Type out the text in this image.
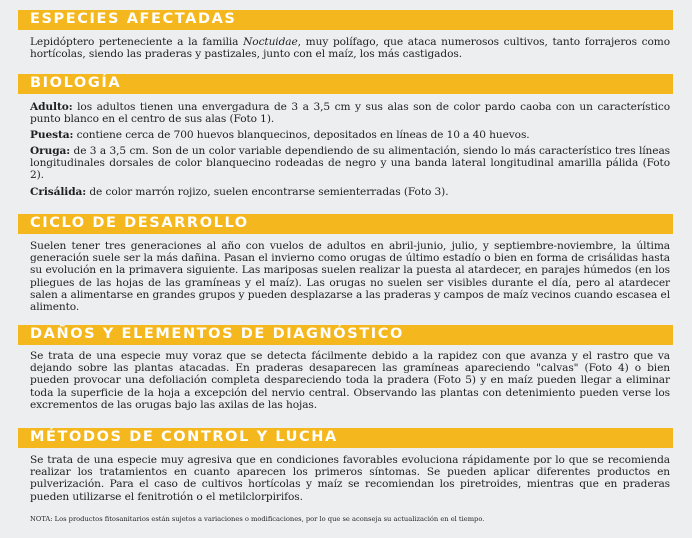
ESPECIES AFECTADAS

Lepidóptero perteneciente a la familia Noctuidae, muy polífago, que ataca numerosos cultivos, tanto forrajeros como hortícolas, siendo las praderas y pastizales, junto con el maíz, los más castigados.

BIOLOGÍA

Adulto: los adultos tienen una envergadura de 3 a 3,5 cm y sus alas son de color pardo caoba con un característico punto blanco en el centro de sus alas (Foto 1).

Puesta: contiene cerca de 700 huevos blanquecinos, depositados en líneas de 10 a 40 huevos.

Oruga: de 3 a 3,5 cm. Son de un color variable dependiendo de su alimentación, siendo lo más característico tres líneas longitudinales dorsales de color blanquecino rodeadas de negro y una banda lateral longitudinal amarilla pálida (Foto 2).

Crisálida: de color marrón rojizo, suelen encontrarse semienterradas (Foto 3).

CICLO DE DESARROLLO

Suelen tener tres generaciones al año con vuelos de adultos en abril-junio, julio, y septiembre-noviembre, la última generación suele ser la más dañina. Pasan el invierno como orugas de último estadío o bien en forma de crisálidas hasta su evolución en la primavera siguiente. Las mariposas suelen realizar la puesta al atardecer, en parajes húmedos (en los pliegues de las hojas de las gramíneas y el maíz). Las orugas no suelen ser visibles durante el día, pero al atardecer salen a alimentarse en grandes grupos y pueden desplazarse a las praderas y campos de maíz vecinos cuando escasea el alimento.

DAÑOS Y ELEMENTOS DE DIAGNÓSTICO

Se trata de una especie muy voraz que se detecta fácilmente debido a la rapidez con que avanza y el rastro que va dejando sobre las plantas atacadas. En praderas desaparecen las gramíneas apareciendo "calvas" (Foto 4) o bien pueden provocar una defoliación completa despareciendo toda la pradera (Foto 5) y en maíz pueden llegar a eliminar toda la superficie de la hoja a excepción del nervio central. Observando las plantas con detenimiento pueden verse los excrementos de las orugas bajo las axilas de las hojas.

MÉTODOS DE CONTROL Y LUCHA

Se trata de una especie muy agresiva que en condiciones favorables evoluciona rápidamente por lo que se recomienda realizar los tratamientos en cuanto aparecen los primeros síntomas. Se pueden aplicar diferentes productos en pulverización. Para el caso de cultivos hortícolas y maíz se recomiendan los piretroides, mientras que en praderas pueden utilizarse el fenitrotión o el metilclorpirifos.

NOTA: Los productos fitosanitarios están sujetos a variaciones o modificaciones, por lo que se aconseja su actualización en el tiempo.
